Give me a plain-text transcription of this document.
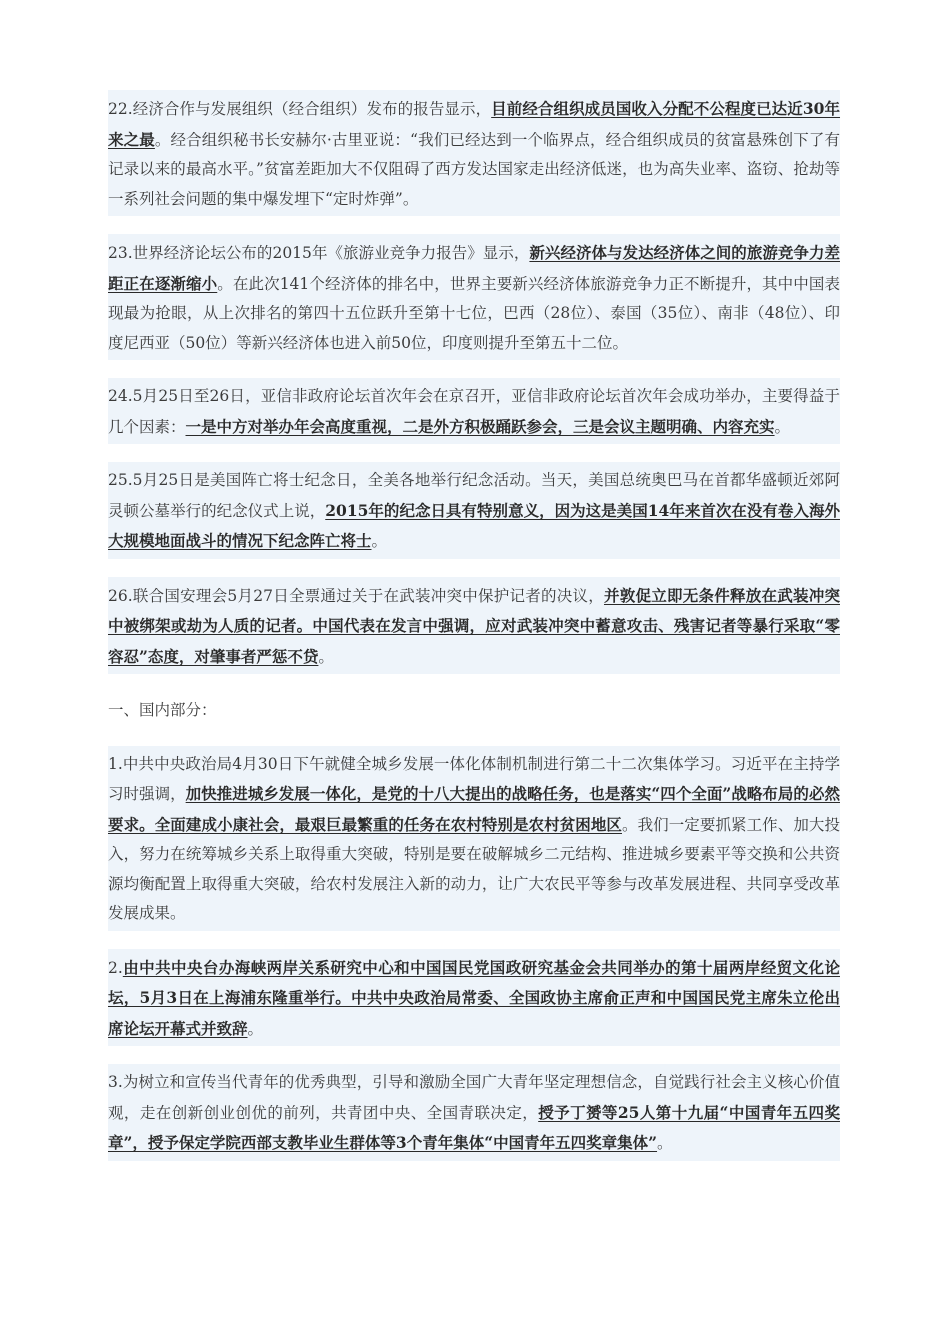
22.经济合作与发展组织（经合组织）发布的报告显示，目前经合组织成员国收入分配不公程度已达近30年来之最。经合组织秘书长安赫尔·古里亚说：“我们已经达到一个临界点，经合组织成员的贫富悬殊创下了有记录以来的最高水平。”贫富差距加大不仅阻碍了西方发达国家走出经济低迷，也为高失业率、盗窃、抢劫等一系列社会问题的集中爆发埋下“定时炸弹”。

23.世界经济论坛公布的2015年《旅游业竞争力报告》显示，新兴经济体与发达经济体之间的旅游竞争力差距正在逐渐缩小。在此次141个经济体的排名中，世界主要新兴经济体旅游竞争力正不断提升，其中中国表现最为抢眼，从上次排名的第四十五位跃升至第十七位，巴西（28位）、泰国（35位）、南非（48位）、印度尼西亚（50位）等新兴经济体也进入前50位，印度则提升至第五十二位。

24.5月25日至26日，亚信非政府论坛首次年会在京召开，亚信非政府论坛首次年会成功举办，主要得益于几个因素：一是中方对举办年会高度重视，二是外方积极踊跃参会，三是会议主题明确、内容充实。

25.5月25日是美国阵亡将士纪念日，全美各地举行纪念活动。当天，美国总统奥巴马在首都华盛顿近郊阿灵顿公墓举行的纪念仪式上说，2015年的纪念日具有特别意义，因为这是美国14年来首次在没有卷入海外大规模地面战斗的情况下纪念阵亡将士。

26.联合国安理会5月27日全票通过关于在武装冲突中保护记者的决议，并敦促立即无条件释放在武装冲突中被绑架或劫为人质的记者。中国代表在发言中强调，应对武装冲突中蓄意攻击、残害记者等暴行采取“零容忍”态度，对肇事者严惩不贷。

一、国内部分：

1.中共中央政治局4月30日下午就健全城乡发展一体化体制机制进行第二十二次集体学习。习近平在主持学习时强调，加快推进城乡发展一体化，是党的十八大提出的战略任务，也是落实“四个全面”战略布局的必然要求。全面建成小康社会，最艰巨最繁重的任务在农村特别是农村贫困地区。我们一定要抓紧工作、加大投入，努力在统筹城乡关系上取得重大突破，特别是要在破解城乡二元结构、推进城乡要素平等交换和公共资源均衡配置上取得重大突破，给农村发展注入新的动力，让广大农民平等参与改革发展进程、共同享受改革发展成果。

2.由中共中央台办海峡两岸关系研究中心和中国国民党国政研究基金会共同举办的第十届两岸经贸文化论坛，5月3日在上海浦东隆重举行。中共中央政治局常委、全国政协主席俞正声和中国国民党主席朱立伦出席论坛开幕式并致辞。

3.为树立和宣传当代青年的优秀典型，引导和激励全国广大青年坚定理想信念，自觉践行社会主义核心价值观，走在创新创业创优的前列，共青团中央、全国青联决定，授予丁赟等25人第十九届“中国青年五四奖章”，授予保定学院西部支教毕业生群体等3个青年集体“中国青年五四奖章集体”。
